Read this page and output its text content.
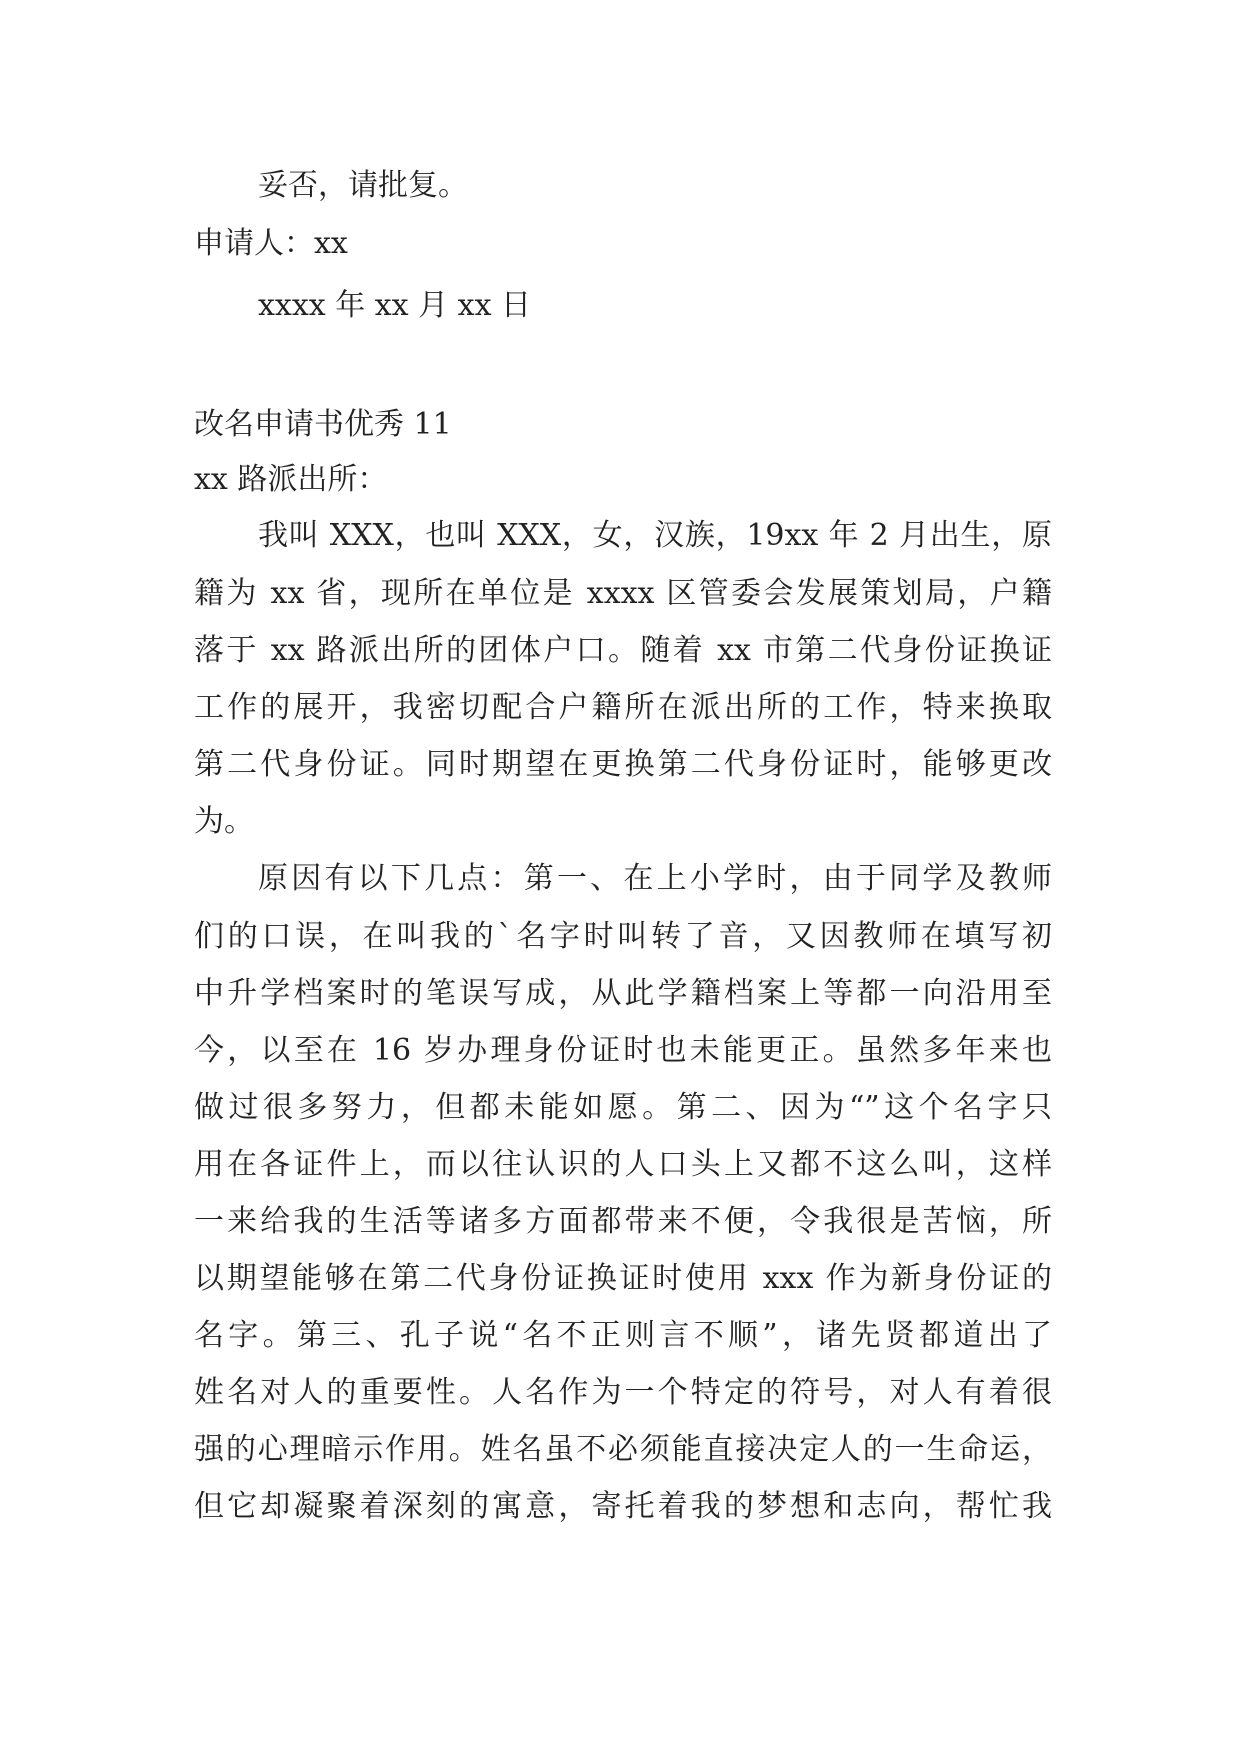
妥否，请批复。
申请人：xx
xxxx 年 xx 月 xx 日
改名申请书优秀 11
xx 路派出所：
我叫 XXX，也叫 XXX，女，汉族，19xx 年 2 月出生，原
籍为 xx 省，现所在单位是 xxxx 区管委会发展策划局，户籍
落于 xx 路派出所的团体户口。随着 xx 市第二代身份证换证
工作的展开，我密切配合户籍所在派出所的工作，特来换取
第二代身份证。同时期望在更换第二代身份证时，能够更改
为。
原因有以下几点：第一、在上小学时，由于同学及教师
们的口误，在叫我的`名字时叫转了音，又因教师在填写初
中升学档案时的笔误写成，从此学籍档案上等都一向沿用至
今，以至在 16 岁办理身份证时也未能更正。虽然多年来也
做过很多努力，但都未能如愿。第二、因为“”这个名字只
用在各证件上，而以往认识的人口头上又都不这么叫，这样
一来给我的生活等诸多方面都带来不便，令我很是苦恼，所
以期望能够在第二代身份证换证时使用 xxx 作为新身份证的
名字。第三、孔子说“名不正则言不顺”，诸先贤都道出了
姓名对人的重要性。人名作为一个特定的符号，对人有着很
强的心理暗示作用。姓名虽不必须能直接决定人的一生命运，
但它却凝聚着深刻的寓意，寄托着我的梦想和志向，帮忙我
